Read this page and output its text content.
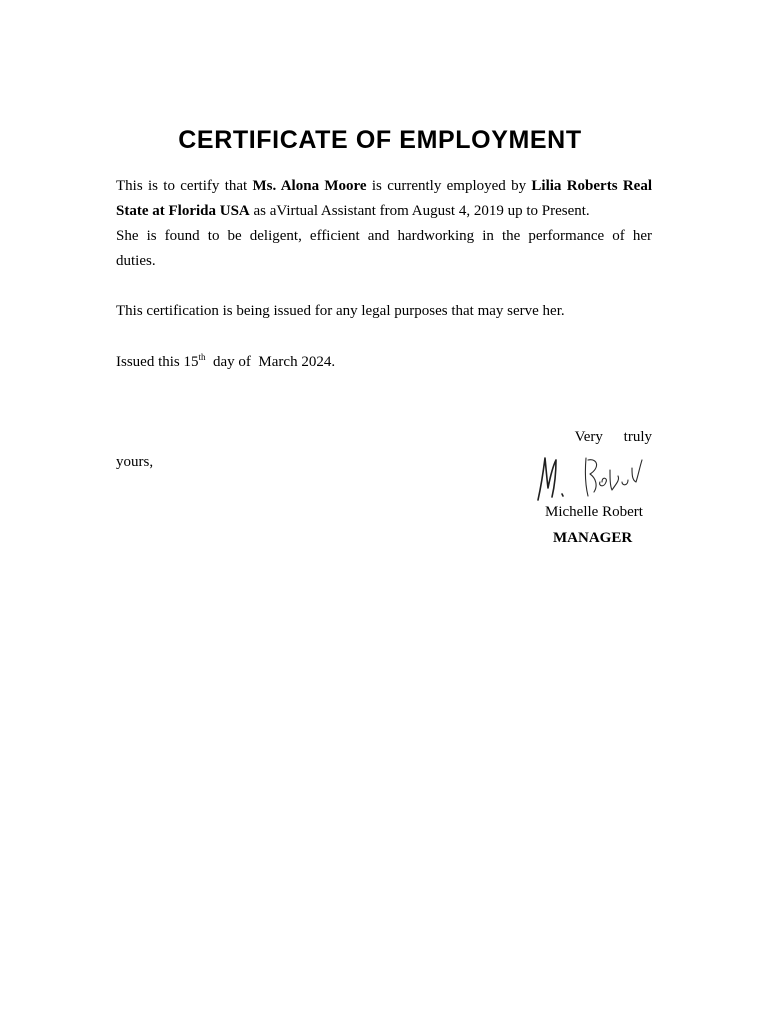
CERTIFICATE OF EMPLOYMENT
This is to certify that Ms. Alona Moore is currently employed by Lilia Roberts Real
State at Florida USA as aVirtual Assistant from August 4, 2019 up to Present.
She is found to be deligent, efficient and hardworking in the performance of her
duties.

This certification is being issued for any legal purposes that may serve her.

Issued this 15th  day of  March 2024.

Very truly
yours,
Michelle Robert
MANAGER
